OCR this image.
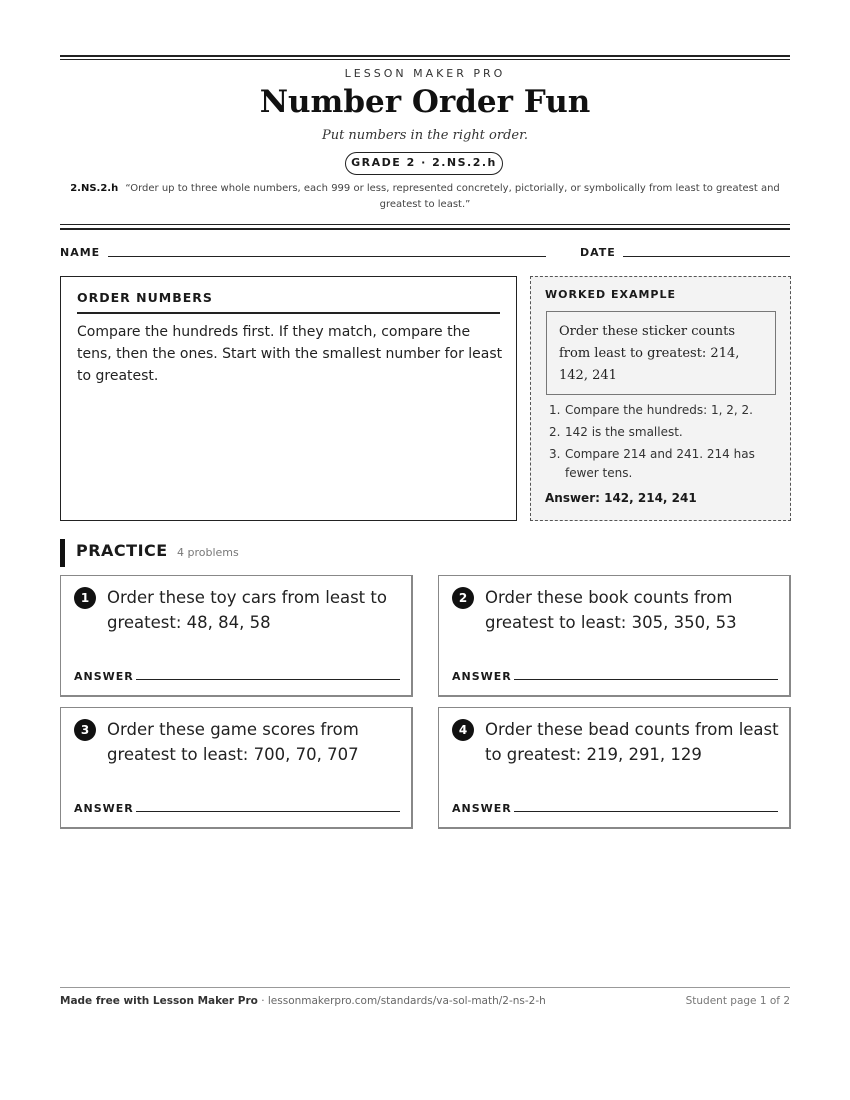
LESSON MAKER PRO
Number Order Fun
Put numbers in the right order.
GRADE 2 · 2.NS.2.h
2.NS.2.h “Order up to three whole numbers, each 999 or less, represented concretely, pictorially, or symbolically from least to greatest and greatest to least.”
NAME	DATE
ORDER NUMBERS
Compare the hundreds first. If they match, compare the tens, then the ones. Start with the smallest number for least to greatest.
WORKED EXAMPLE
Order these sticker counts from least to greatest: 214, 142, 241
1. Compare the hundreds: 1, 2, 2.
2. 142 is the smallest.
3. Compare 214 and 241. 214 has fewer tens.
Answer: 142, 214, 241
PRACTICE 4 problems
1	Order these toy cars from least to greatest: 48, 84, 58
ANSWER
2	Order these book counts from greatest to least: 305, 350, 53
ANSWER
3	Order these game scores from greatest to least: 700, 70, 707
ANSWER
4	Order these bead counts from least to greatest: 219, 291, 129
ANSWER
Made free with Lesson Maker Pro · lessonmakerpro.com/standards/va-sol-math/2-ns-2-h	Student page 1 of 2
